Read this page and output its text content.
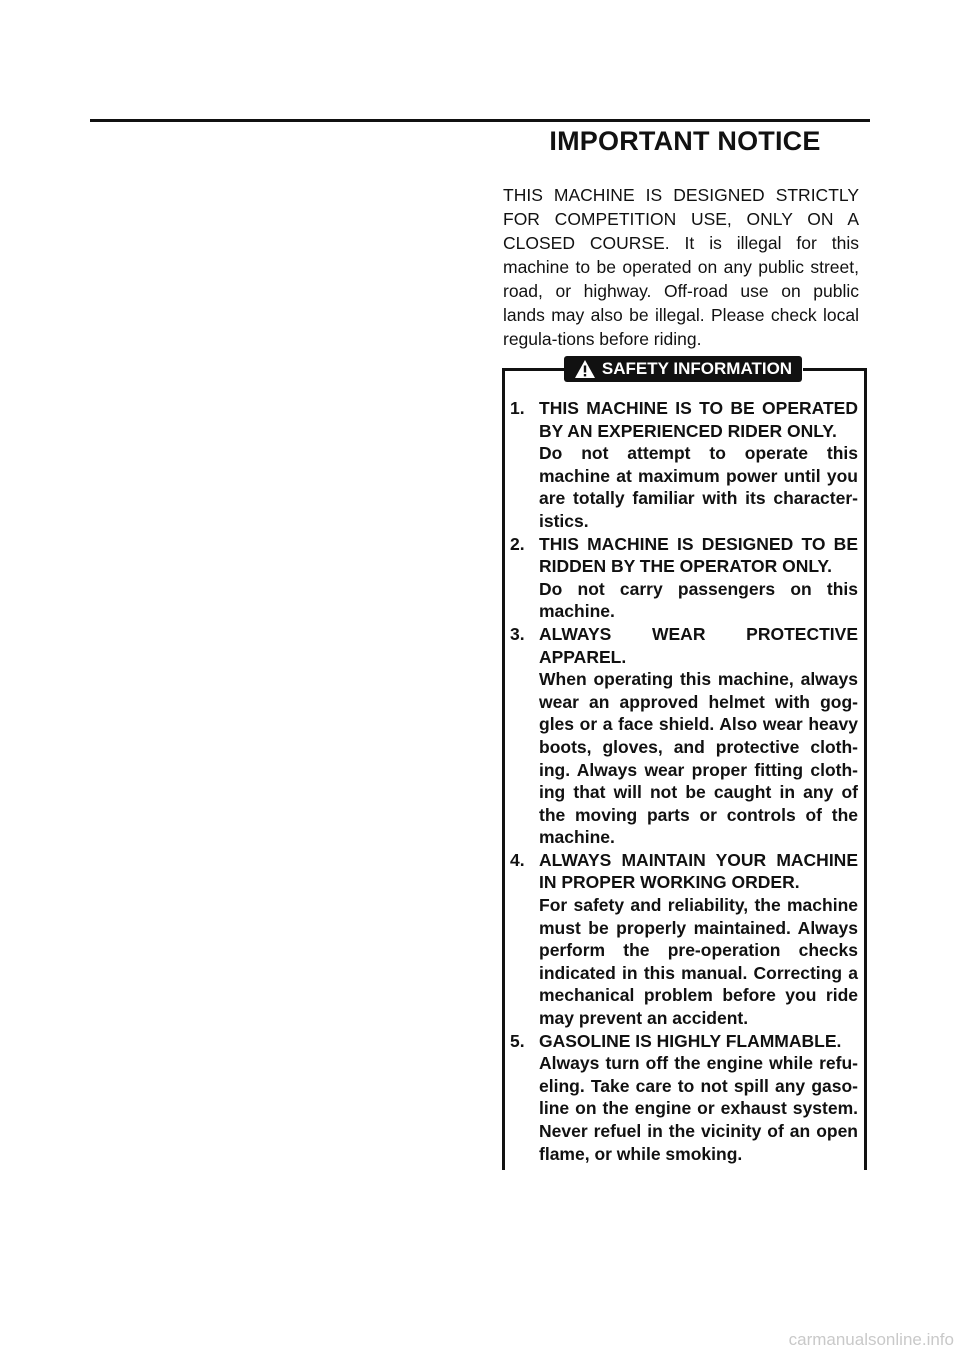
IMPORTANT NOTICE

THIS MACHINE IS DESIGNED STRICTLY FOR COMPETITION USE, ONLY ON A CLOSED COURSE. It is illegal for this machine to be operated on any public street, road, or highway. Off-road use on public lands may also be illegal. Please check local regula-tions before riding.

SAFETY INFORMATION
1. THIS MACHINE IS TO BE OPERATED BY AN EXPERIENCED RIDER ONLY.
Do not attempt to operate this machine at maximum power until you are totally familiar with its character-istics.
2. THIS MACHINE IS DESIGNED TO BE RIDDEN BY THE OPERATOR ONLY.
Do not carry passengers on this machine.
3. ALWAYS WEAR PROTECTIVE APPAREL.
When operating this machine, always wear an approved helmet with gog-gles or a face shield. Also wear heavy boots, gloves, and protective cloth-ing. Always wear proper fitting cloth-ing that will not be caught in any of the moving parts or controls of the machine.
4. ALWAYS MAINTAIN YOUR MACHINE IN PROPER WORKING ORDER.
For safety and reliability, the machine must be properly maintained. Always perform the pre-operation checks indicated in this manual. Correcting a mechanical problem before you ride may prevent an accident.
5. GASOLINE IS HIGHLY FLAMMABLE.
Always turn off the engine while refu-eling. Take care to not spill any gaso-line on the engine or exhaust system. Never refuel in the vicinity of an open flame, or while smoking.

carmanualsonline.info
